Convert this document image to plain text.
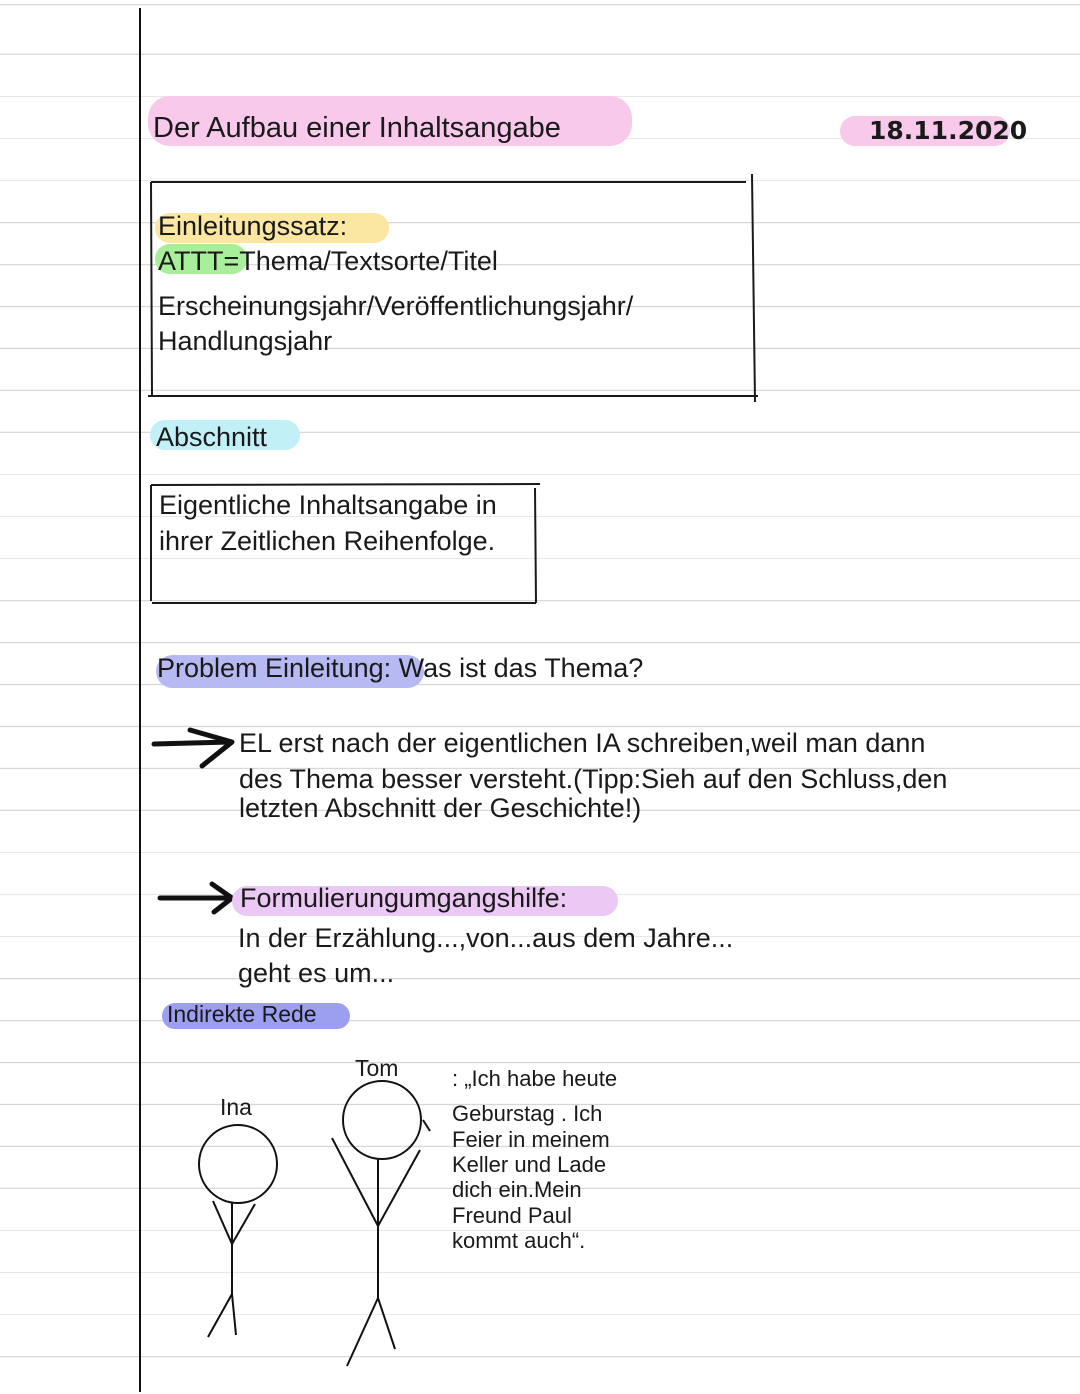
Der Aufbau einer Inhaltsangabe	18.11.2020
Einleitungssatz:
ATTT=Thema/Textsorte/Titel
Erscheinungsjahr/Veröffentlichungsjahr/
Handlungsjahr
Abschnitt
Eigentliche Inhaltsangabe in
ihrer Zeitlichen Reihenfolge.
Problem Einleitung: Was ist das Thema?
EL erst nach der eigentlichen IA schreiben,weil man dann
des Thema besser versteht.(Tipp:Sieh auf den Schluss,den
letzten Abschnitt der Geschichte!)
Formulierungumgangshilfe:
In der Erzählung...,von...aus dem Jahre...
geht es um...
Indirekte Rede
Ina
Tom : „Ich habe heute
Geburstag . Ich
Feier in meinem
Keller und Lade
dich ein.Mein
Freund Paul
kommt auch“.
